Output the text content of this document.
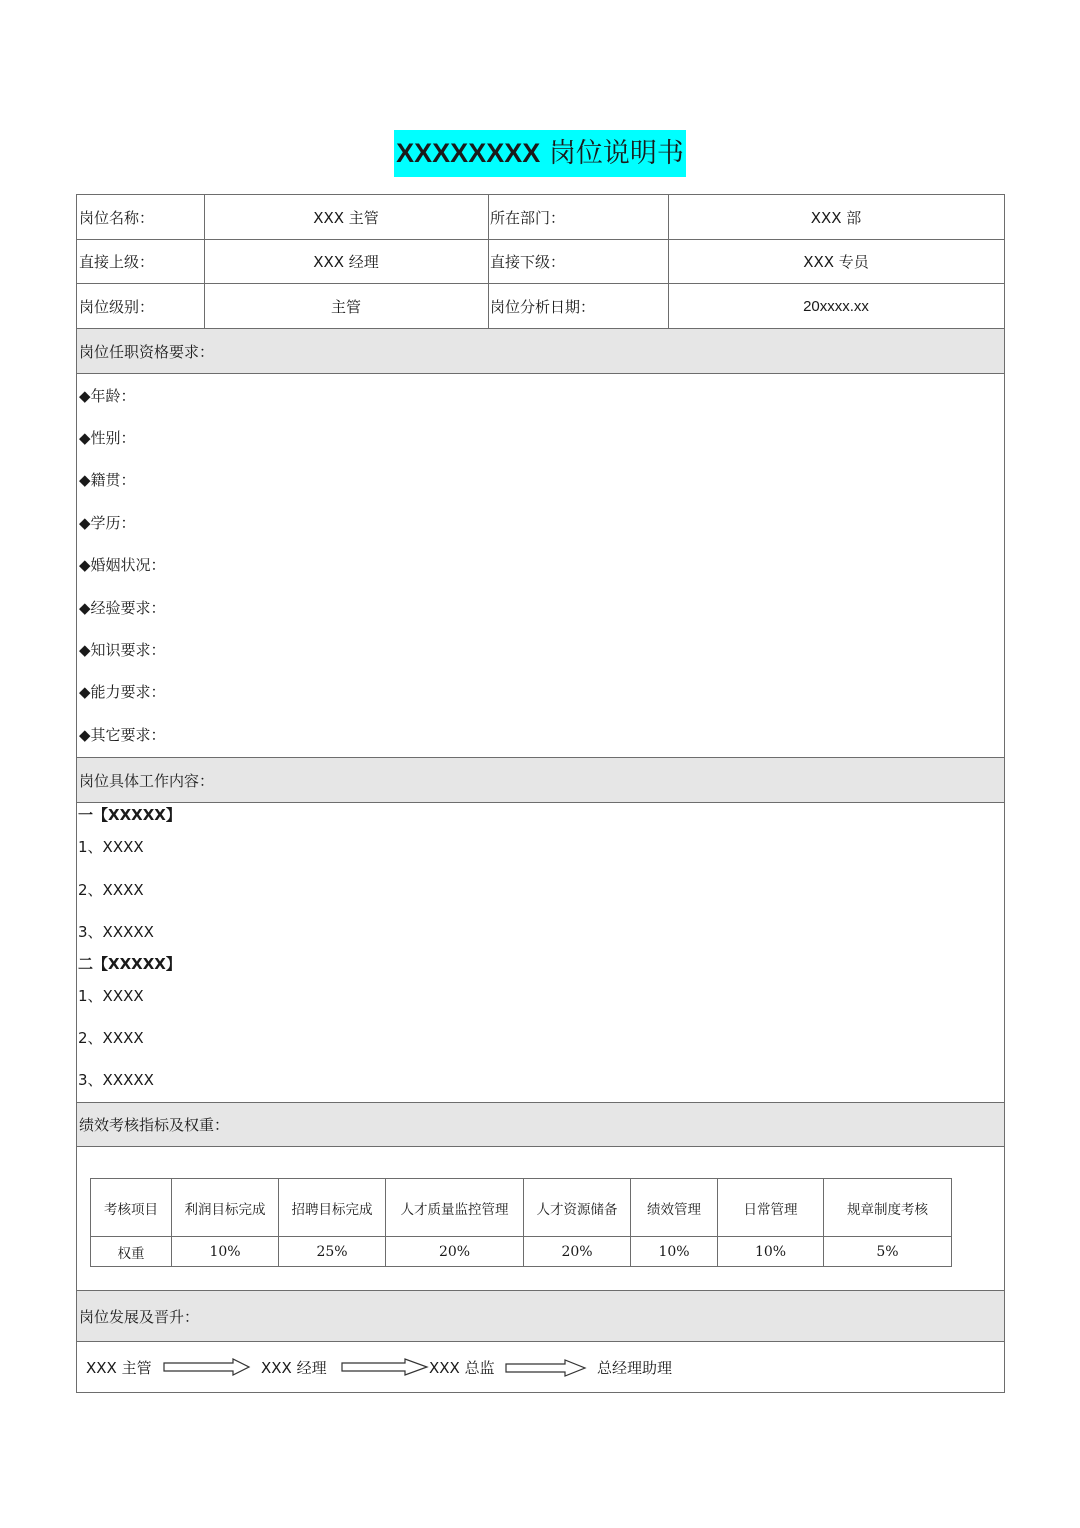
XXXXXXXX 岗位说明书
岗位名称：	XXX 主管	所在部门：	XXX 部
直接上级：	XXX 经理	直接下级：	XXX 专员
岗位级别：	主管	岗位分析日期：	20xxxx.xx
岗位任职资格要求：
◆年龄：
◆性别：
◆籍贯：
◆学历：
◆婚姻状况：
◆经验要求：
◆知识要求：
◆能力要求：
◆其它要求：
岗位具体工作内容：
一【XXXXX】
1、XXXX
2、XXXX
3、XXXXX
二【XXXXX】
1、XXXX
2、XXXX
3、XXXXX
绩效考核指标及权重：
考核项目	利润目标完成	招聘目标完成	人才质量监控管理	人才资源储备	绩效管理	日常管理	规章制度考核
权重	10%	25%	20%	20%	10%	10%	5%
岗位发展及晋升：
XXX 主管	XXX 经理	XXX 总监	总经理助理
